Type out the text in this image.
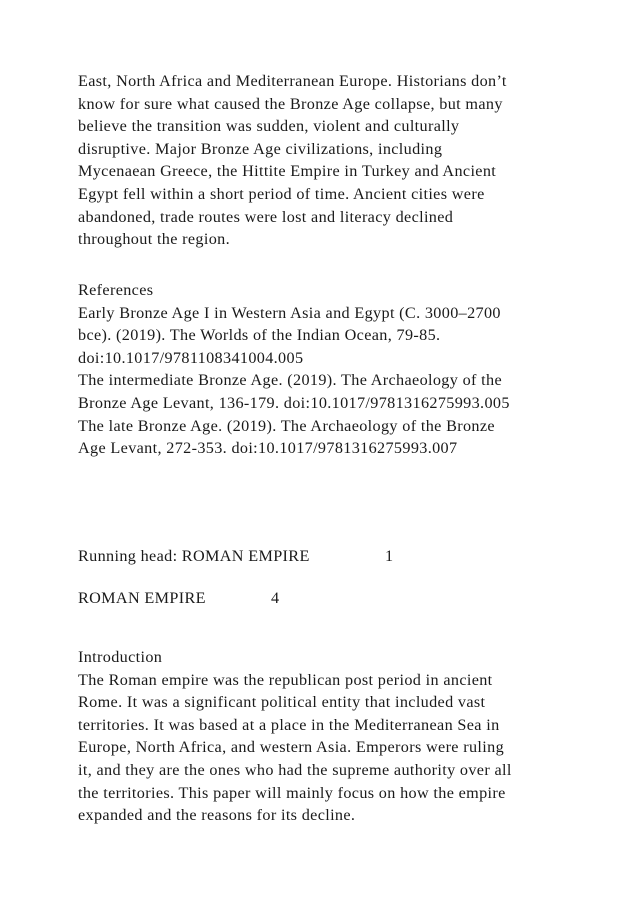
East, North Africa and Mediterranean Europe. Historians don’t
know for sure what caused the Bronze Age collapse, but many
believe the transition was sudden, violent and culturally
disruptive. Major Bronze Age civilizations, including
Mycenaean Greece, the Hittite Empire in Turkey and Ancient
Egypt fell within a short period of time. Ancient cities were
abandoned, trade routes were lost and literacy declined
throughout the region.
References
Early Bronze Age I in Western Asia and Egypt (C. 3000–2700
bce). (2019). The Worlds of the Indian Ocean, 79-85.
doi:10.1017/9781108341004.005
The intermediate Bronze Age. (2019). The Archaeology of the
Bronze Age Levant, 136-179. doi:10.1017/9781316275993.005
The late Bronze Age. (2019). The Archaeology of the Bronze
Age Levant, 272-353. doi:10.1017/9781316275993.007
Running head: ROMAN EMPIRE	1
ROMAN EMPIRE	4
Introduction
The Roman empire was the republican post period in ancient
Rome. It was a significant political entity that included vast
territories. It was based at a place in the Mediterranean Sea in
Europe, North Africa, and western Asia. Emperors were ruling
it, and they are the ones who had the supreme authority over all
the territories. This paper will mainly focus on how the empire
expanded and the reasons for its decline.
